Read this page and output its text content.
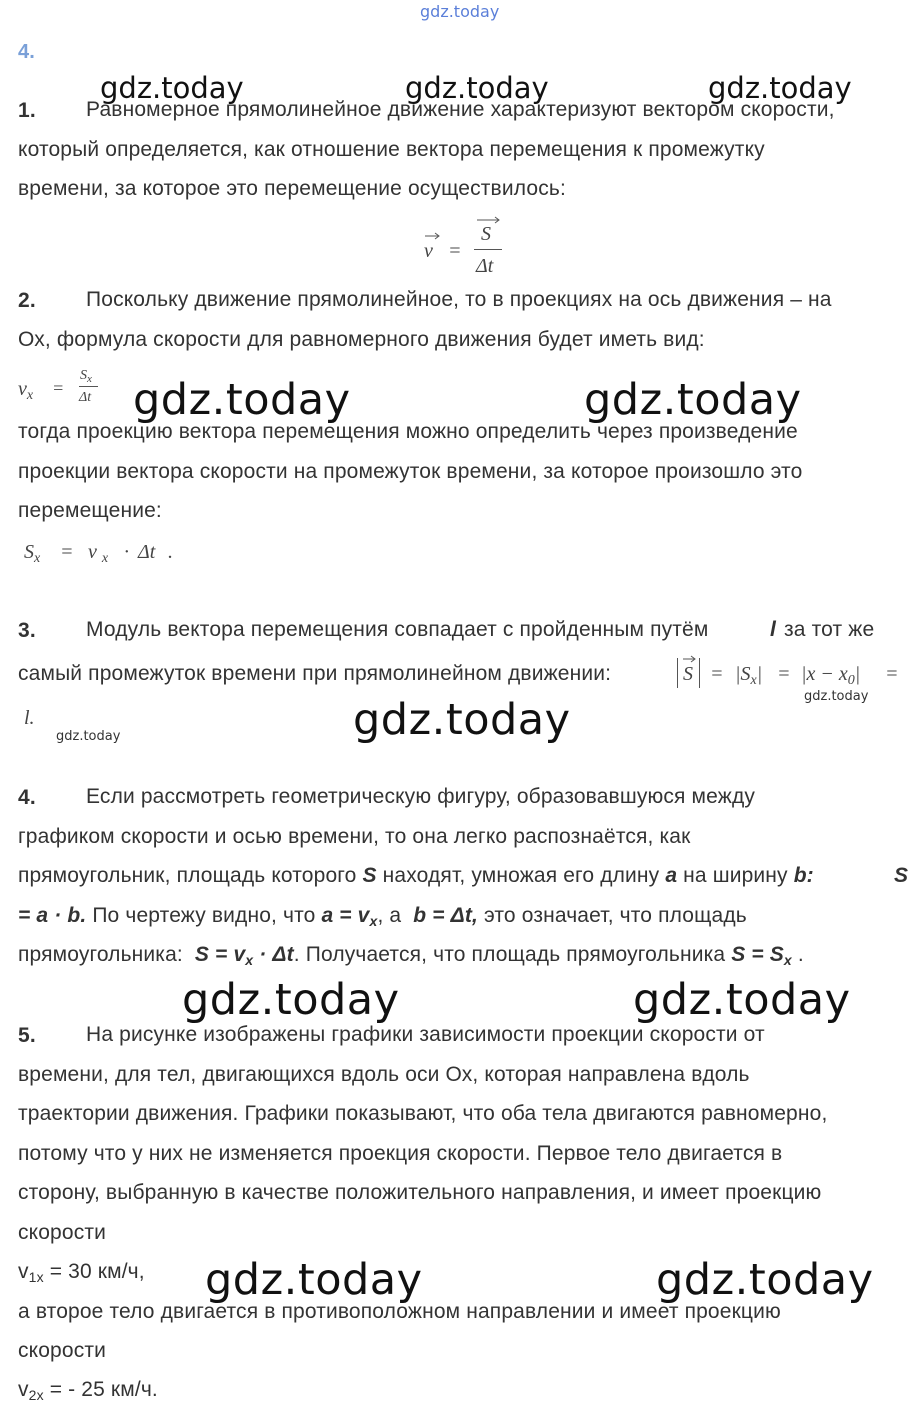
gdz.today
4.
gdz.today	gdz.today	gdz.today
1. Равномерное прямолинейное движение характеризуют вектором скорости,
который определяется, как отношение вектора перемещения к промежутку
времени, за которое это перемещение осуществилось:
v =
S
Δt
2. Поскольку движение прямолинейное, то в проекциях на ось движения – на
Ох, формула скорости для равномерного движения будет иметь вид:
$v_x$ =
$S_x$
Δt gdz.today	gdz.today
тогда проекцию вектора перемещения можно определить через произведение
проекции вектора скорости на промежуток времени, за которое произошло это
перемещение:
$S_x = v$ $_x$ · Δt .
3. Модуль вектора перемещения совпадает с пройденным путём	l за тот же
самый промежуток времени при прямолинейном движении:	$S = |S_x| = |x - x_0|$ =
gdz.today
l.
gdz.today	gdz.today
4. Если рассмотреть геометрическую фигуру, образовавшуюся между
графиком скорости и осью времени, то она легко распознаётся, как
прямоугольник, площадь которого S находят, умножая его длину a на ширину b:	S
= a · b. По чертежу видно, что $a = v_x$, а b = Δt, это означает, что площадь
прямоугольника: $S = v_x \cdot \Delta t$. Получается, что площадь прямоугольника $S = S_x$ .
gdz.today	gdz.today
5. На рисунке изображены графики зависимости проекции скорости от
времени, для тел, двигающихся вдоль оси Ох, которая направлена вдоль
траектории движения. Графики показывают, что оба тела двигаются равномерно,
потому что у них не изменяется проекция скорости. Первое тело двигается в
сторону, выбранную в качестве положительного направления, и имеет проекцию
скорости
$v_{1x} = 30$ км/ч, gdz.today	gdz.today
а второе тело двигается в противоположном направлении и имеет проекцию
скорости
$v_{2x}$ = - 25 км/ч.
